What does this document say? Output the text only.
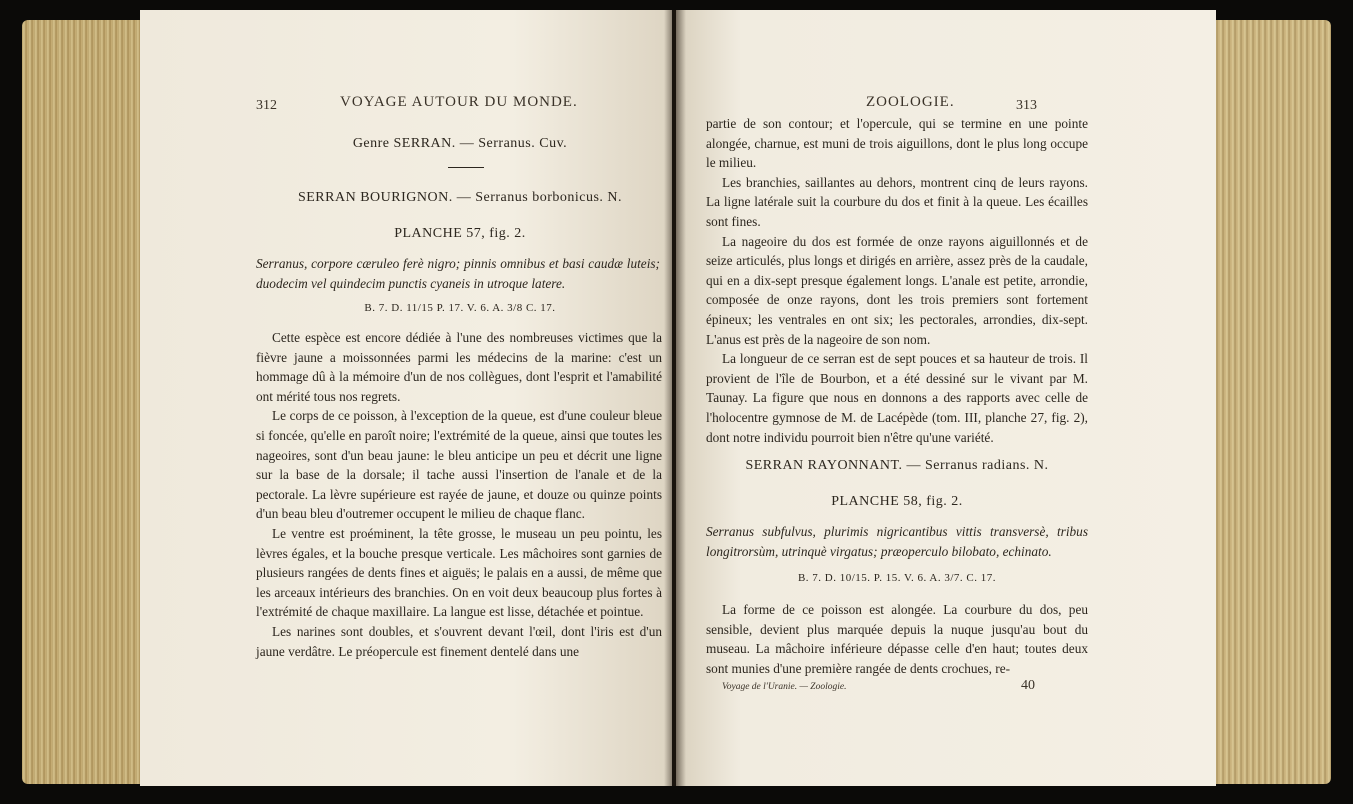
312	VOYAGE AUTOUR DU MONDE.
Genre SERRAN. — Serranus. Cuv.
SERRAN BOURIGNON. — Serranus borbonicus. N.
PLANCHE 57, fig. 2.
Serranus, corpore cæruleo ferè nigro; pinnis omnibus et basi caudæ luteis; duodecim vel quindecim punctis cyaneis in utroque latere.
B. 7. D. 11/15 P. 17. V. 6. A. 3/8 C. 17.

Cette espèce est encore dédiée à l'une des nombreuses victimes que la fièvre jaune a moissonnées parmi les médecins de la marine: c'est un hommage dû à la mémoire d'un de nos collègues, dont l'esprit et l'amabilité ont mérité tous nos regrets.

Le corps de ce poisson, à l'exception de la queue, est d'une couleur bleue si foncée, qu'elle en paroît noire; l'extrémité de la queue, ainsi que toutes les nageoires, sont d'un beau jaune: le bleu anticipe un peu et décrit une ligne sur la base de la dorsale; il tache aussi l'insertion de l'anale et de la pectorale. La lèvre supérieure est rayée de jaune, et douze ou quinze points d'un beau bleu d'outremer occupent le milieu de chaque flanc.

Le ventre est proéminent, la tête grosse, le museau un peu pointu, les lèvres égales, et la bouche presque verticale. Les mâchoires sont garnies de plusieurs rangées de dents fines et aiguës; le palais en a aussi, de même que les arceaux intérieurs des branchies. On en voit deux beaucoup plus fortes à l'extrémité de chaque maxillaire. La langue est lisse, détachée et pointue.

Les narines sont doubles, et s'ouvrent devant l'œil, dont l'iris est d'un jaune verdâtre. Le préopercule est finement dentelé dans une

ZOOLOGIE.	313

partie de son contour; et l'opercule, qui se termine en une pointe alongée, charnue, est muni de trois aiguillons, dont le plus long occupe le milieu.

Les branchies, saillantes au dehors, montrent cinq de leurs rayons. La ligne latérale suit la courbure du dos et finit à la queue. Les écailles sont fines.

La nageoire du dos est formée de onze rayons aiguillonnés et de seize articulés, plus longs et dirigés en arrière, assez près de la caudale, qui en a dix-sept presque également longs. L'anale est petite, arrondie, composée de onze rayons, dont les trois premiers sont fortement épineux; les ventrales en ont six; les pectorales, arrondies, dix-sept. L'anus est près de la nageoire de son nom.

La longueur de ce serran est de sept pouces et sa hauteur de trois. Il provient de l'île de Bourbon, et a été dessiné sur le vivant par M. Taunay. La figure que nous en donnons a des rapports avec celle de l'holocentre gymnose de M. de Lacépède (tom. III, planche 27, fig. 2), dont notre individu pourroit bien n'être qu'une variété.

SERRAN RAYONNANT. — Serranus radians. N.
PLANCHE 58, fig. 2.
Serranus subfulvus, plurimis nigricantibus vittis transversè, tribus longitrorsùm, utrinquè virgatus; præoperculo bilobato, echinato.
B. 7. D. 10/15. P. 15. V. 6. A. 3/7. C. 17.

La forme de ce poisson est alongée. La courbure du dos, peu sensible, devient plus marquée depuis la nuque jusqu'au bout du museau. La mâchoire inférieure dépasse celle d'en haut; toutes deux sont munies d'une première rangée de dents crochues, re-

Voyage de l'Uranie. — Zoologie.	40
